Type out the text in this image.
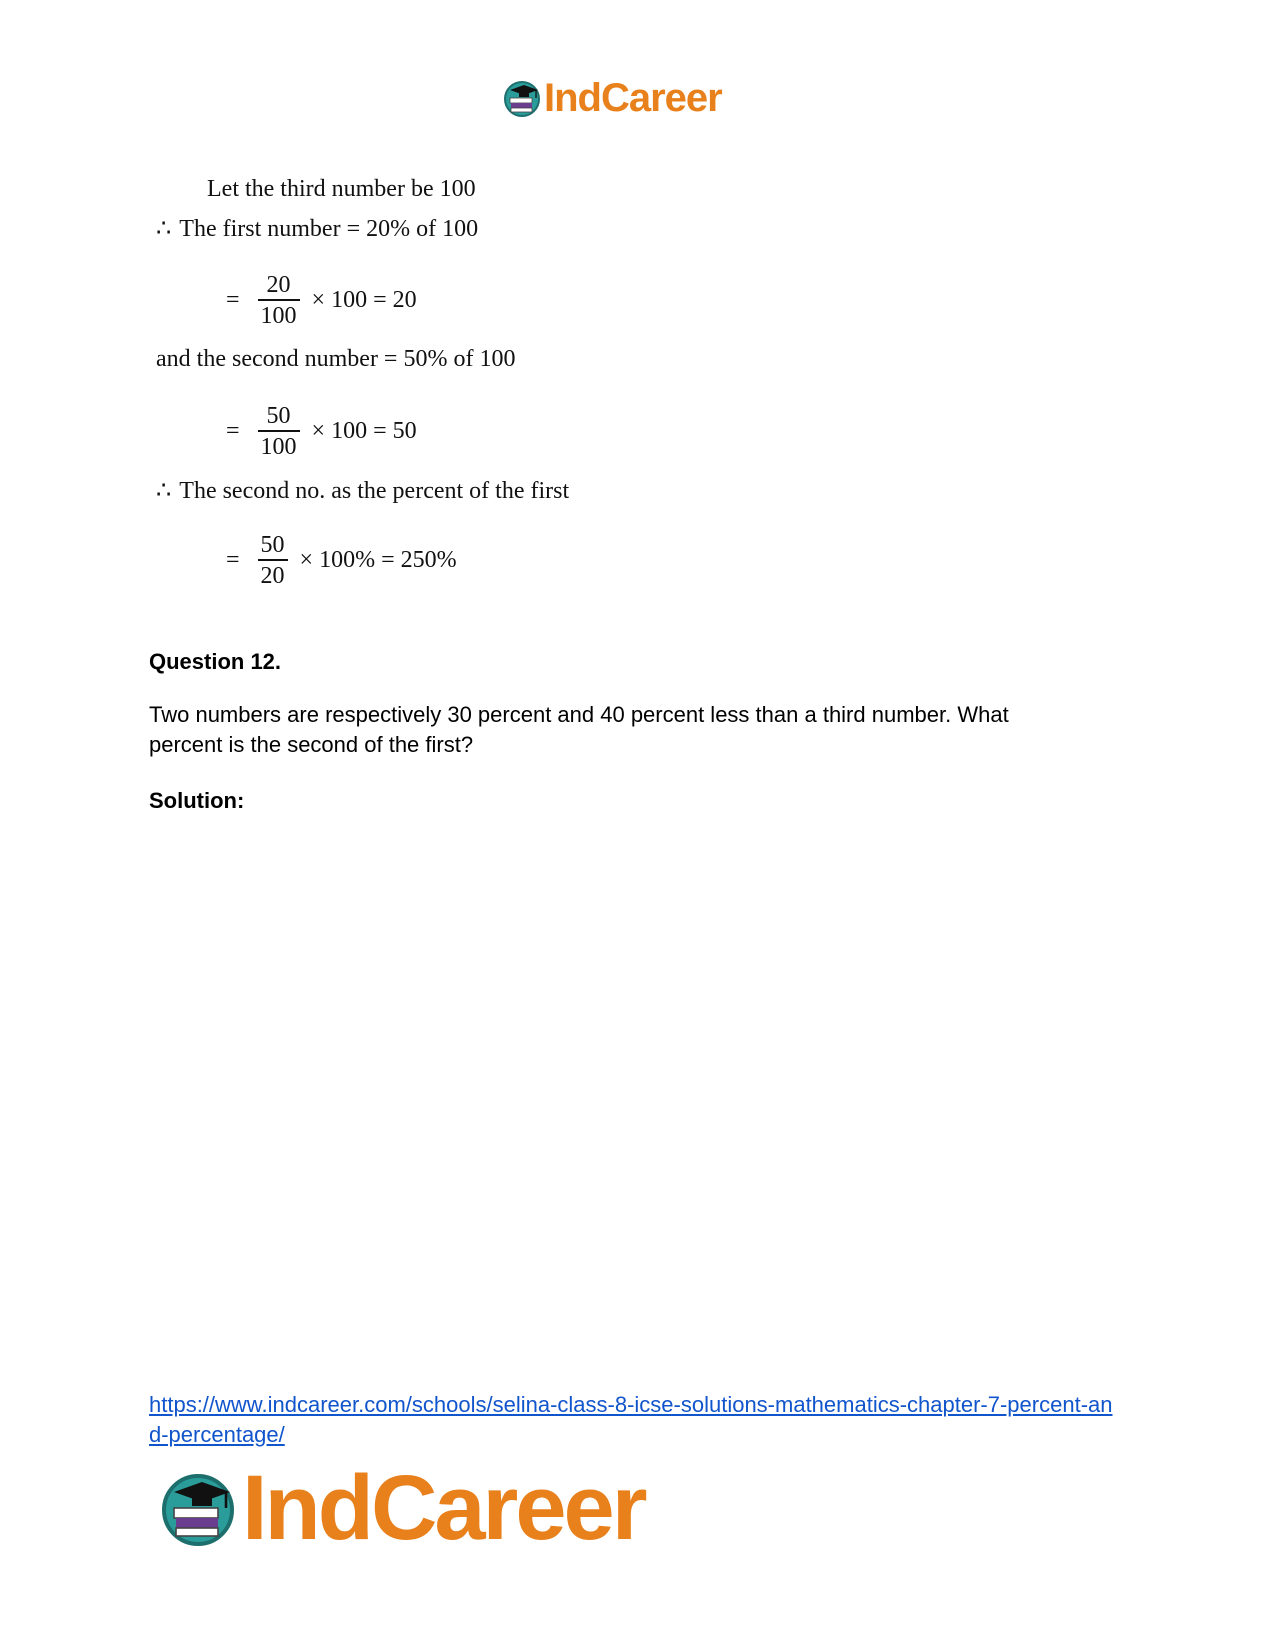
IndCareer
Let the third number be 100
∴ The first number = 20% of 100
= $\frac{20}{100} \times 100 = 20$
and the second number = 50% of 100
= $\frac{50}{100} \times 100 = 50$
∴ The second no. as the percent of the first
= $\frac{50}{20} \times 100\% = 250\%$
Question 12.
Two numbers are respectively 30 percent and 40 percent less than a third number. What percent is the second of the first?
Solution:
https://www.indcareer.com/schools/selina-class-8-icse-solutions-mathematics-chapter-7-percent-and-percentage/
IndCareer
